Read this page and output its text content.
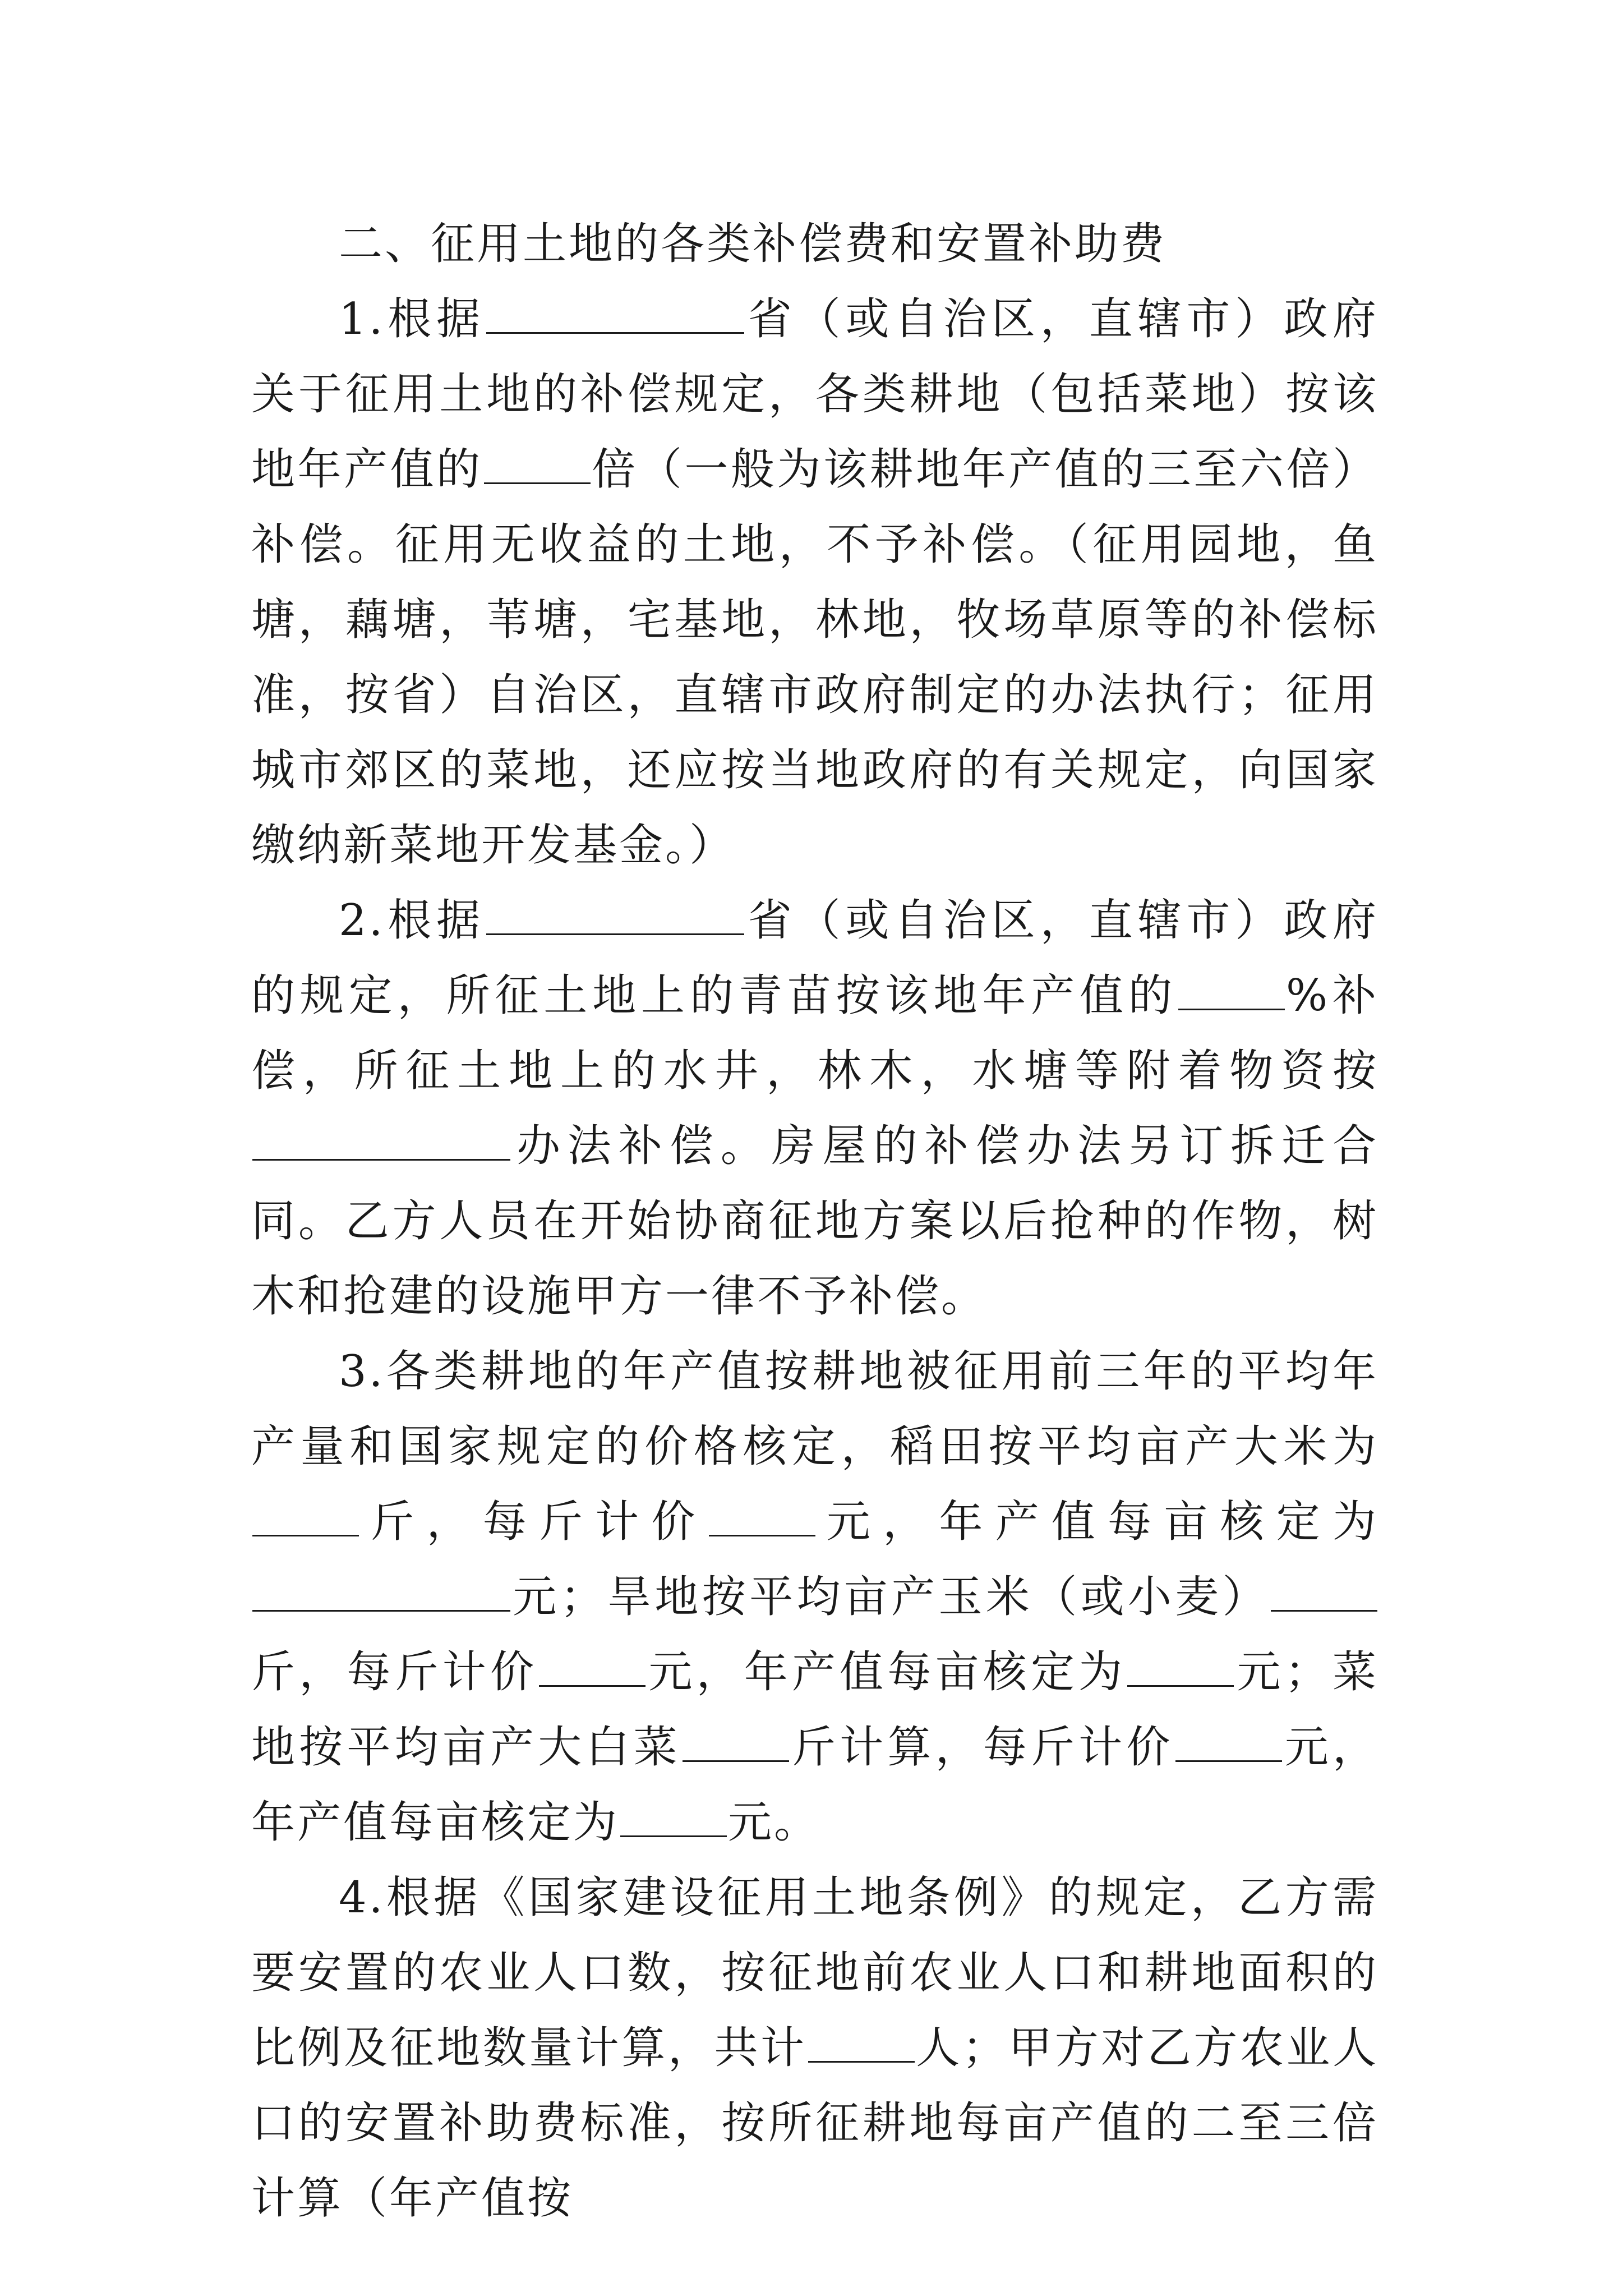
二、征用土地的各类补偿费和安置补助费

1.根据	省（或自治区，直辖市）政府关于征用土地的补偿规定，各类耕地（包括菜地）按该地年产值的 倍（一般为该耕地年产值的三至六倍）补偿。征用无收益的土地，不予补偿。（征用园地，鱼塘，藕塘，苇塘，宅基地，林地，牧场草原等的补偿标准，按省）自治区，直辖市政府制定的办法执行；征用城市郊区的菜地，还应按当地政府的有关规定，向国家缴纳新菜地开发基金。）

2.根据	省（或自治区，直辖市）政府的规定，所征土地上的青苗按该地年产值的 %补偿，所征土地上的水井，林木，水塘等附着物资按办法补偿。房屋的补偿办法另订拆迁合同。乙方人员在开始协商征地方案以后抢种的作物，树木和抢建的设施甲方一律不予补偿。

3.各类耕地的年产值按耕地被征用前三年的平均年产量和国家规定的价格核定，稻田按平均亩产大米为斤，每斤计价 元，年产值每亩核定为元；旱地按平均亩产玉米（或小麦）斤，每斤计价 元，年产值每亩核定为 元；菜地按平均亩产大白菜 斤计算，每斤计价 元，年产值每亩核定为 元。

4.根据《国家建设征用土地条例》的规定，乙方需要安置的农业人口数，按征地前农业人口和耕地面积的比例及征地数量计算，共计 人；甲方对乙方农业人口的安置补助费标准，按所征耕地每亩产值的二至三倍计算（年产值按
